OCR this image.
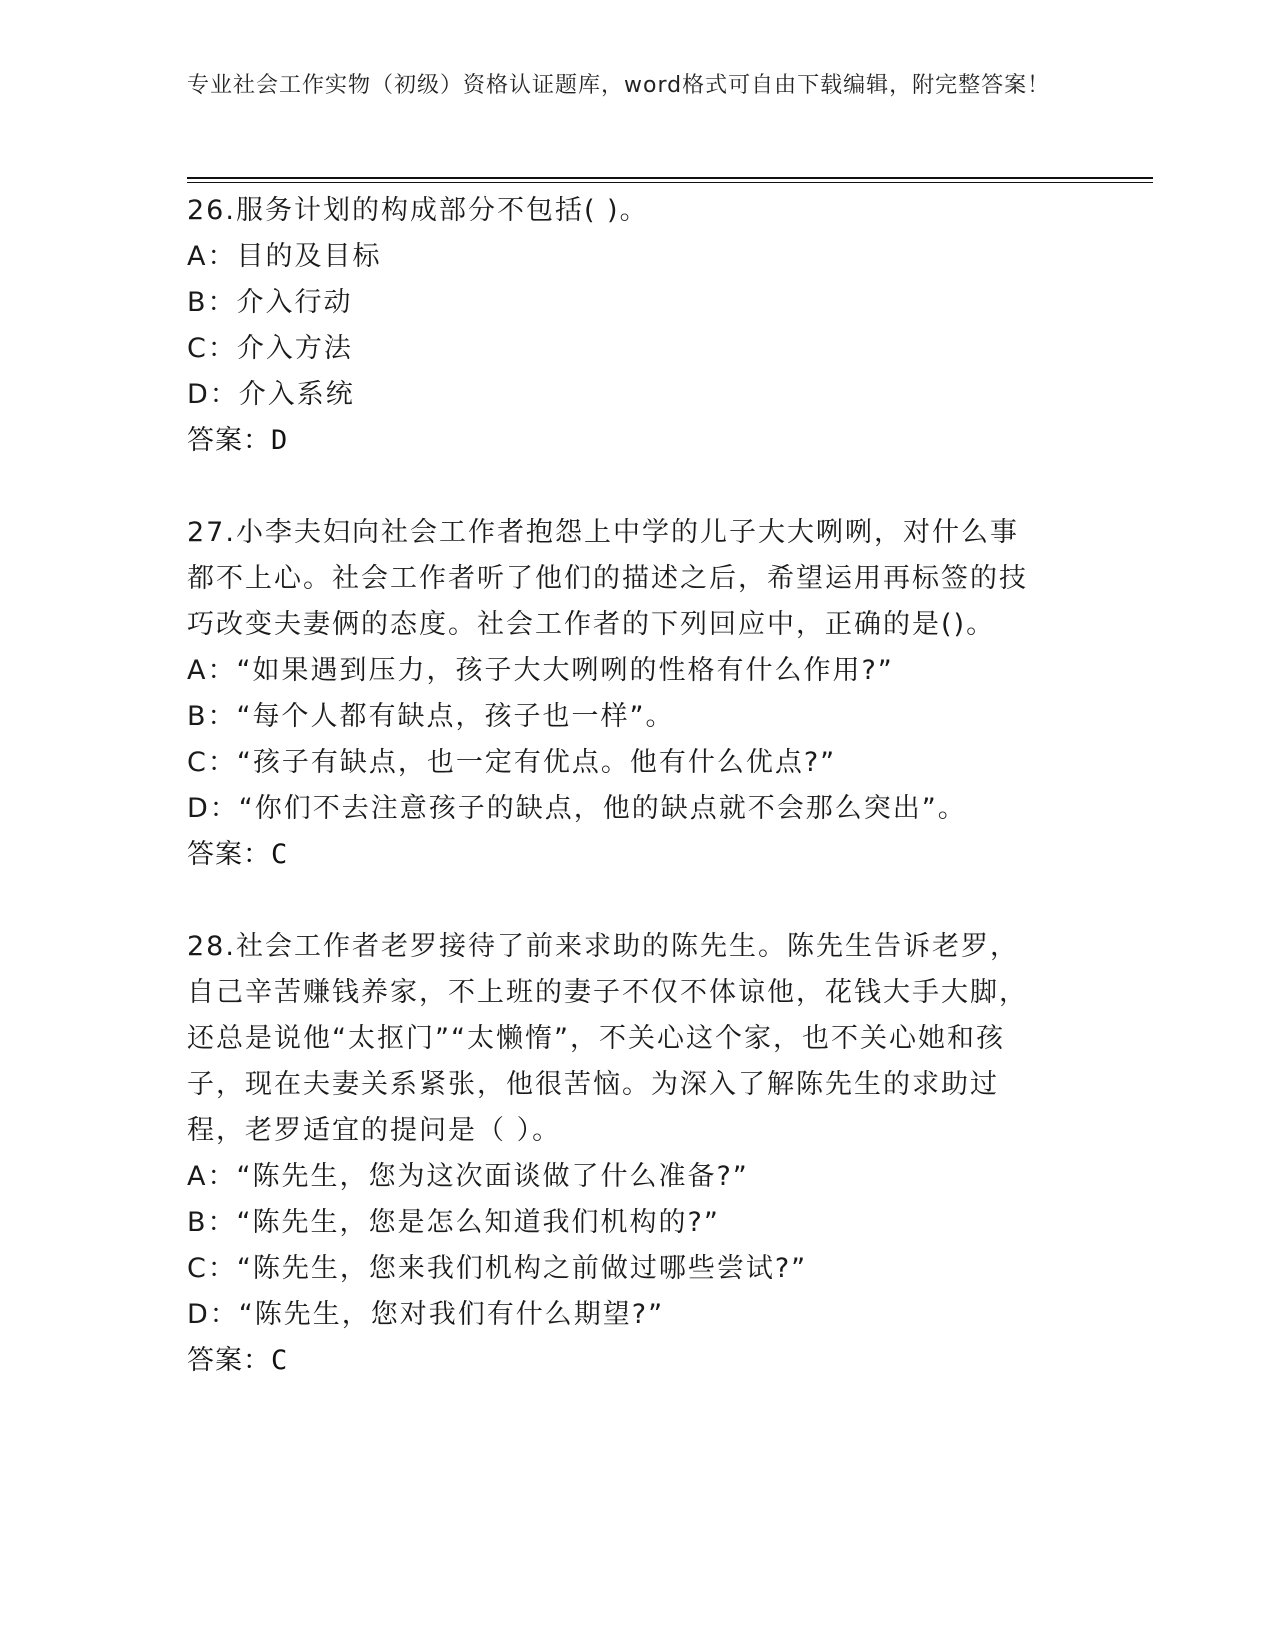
专业社会工作实物（初级）资格认证题库，word格式可自由下载编辑，附完整答案！
26.服务计划的构成部分不包括( )。
A：目的及目标
B：介入行动
C：介入方法
D：介入系统
答案：D
27.小李夫妇向社会工作者抱怨上中学的儿子大大咧咧，对什么事都不上心。社会工作者听了他们的描述之后，希望运用再标签的技巧改变夫妻俩的态度。社会工作者的下列回应中，正确的是()。
A：“如果遇到压力，孩子大大咧咧的性格有什么作用?”
B：“每个人都有缺点，孩子也一样”。
C：“孩子有缺点，也一定有优点。他有什么优点?”
D：“你们不去注意孩子的缺点，他的缺点就不会那么突出”。
答案：C
28.社会工作者老罗接待了前来求助的陈先生。陈先生告诉老罗，自己辛苦赚钱养家，不上班的妻子不仅不体谅他，花钱大手大脚，还总是说他“太抠门”“太懒惰”，不关心这个家，也不关心她和孩子，现在夫妻关系紧张，他很苦恼。为深入了解陈先生的求助过程，老罗适宜的提问是（ ）。
A：“陈先生，您为这次面谈做了什么准备?”
B：“陈先生，您是怎么知道我们机构的?”
C：“陈先生，您来我们机构之前做过哪些尝试?”
D：“陈先生，您对我们有什么期望?”
答案：C
